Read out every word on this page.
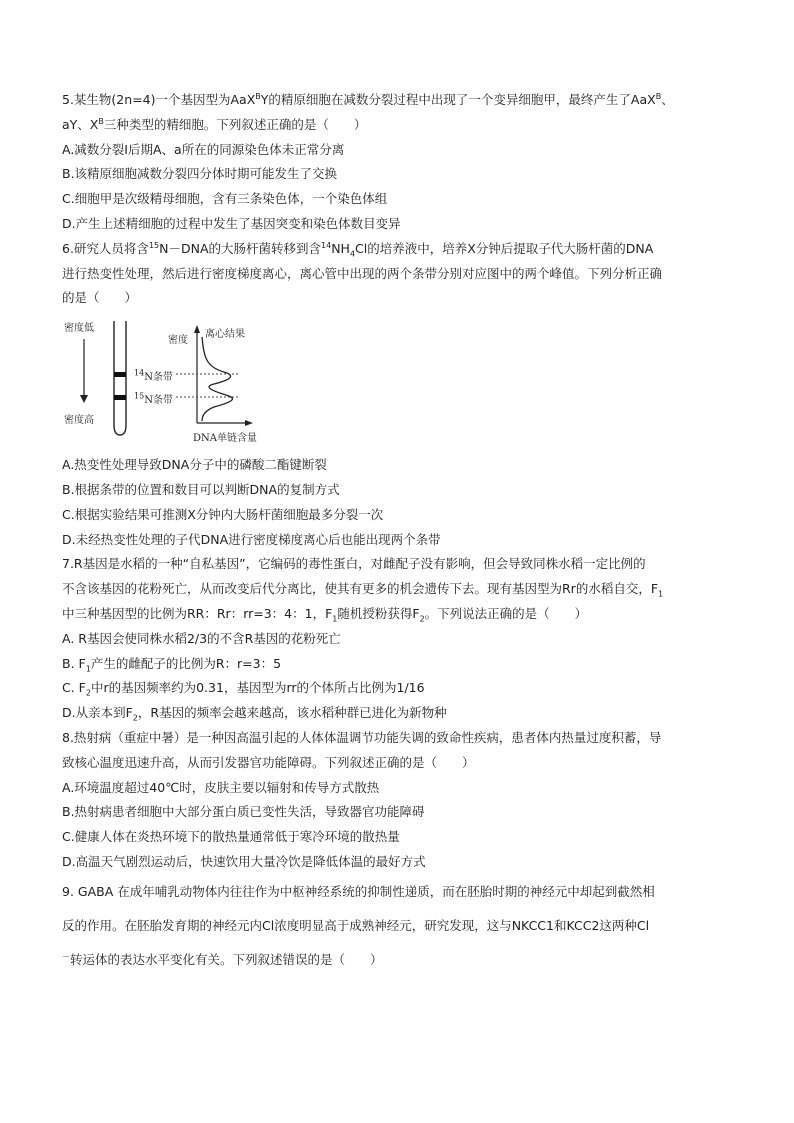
5.某生物(2n=4)一个基因型为AaX$^B$Y的精原细胞在减数分裂过程中出现了一个变异细胞甲，最终产生了AaX$^B$、
aY、$X^B$三种类型的精细胞。下列叙述正确的是（　　）
A.减数分裂Ⅰ后期A、a所在的同源染色体未正常分离
B.该精原细胞减数分裂四分体时期可能发生了交换
C.细胞甲是次级精母细胞，含有三条染色体，一个染色体组
D.产生上述精细胞的过程中发生了基因突变和染色体数目变异
6.研究人员将含$^{15}$N－DNA的大肠杆菌转移到含$^{14}NH_4Cl$的培养液中，培养X分钟后提取子代大肠杆菌的DNA
进行热变性处理，然后进行密度梯度离心，离心管中出现的两个条带分别对应图中的两个峰值。下列分析正确
的是（　　）
密度低
密度高
$^{14}$N条带
$^{15}$N条带
密度
离心结果
DNA单链含量
A.热变性处理导致DNA分子中的磷酸二酯键断裂
B.根据条带的位置和数目可以判断DNA的复制方式
C.根据实验结果可推测X分钟内大肠杆菌细胞最多分裂一次
D.未经热变性处理的子代DNA进行密度梯度离心后也能出现两个条带
7.R基因是水稻的一种“自私基因”，它编码的毒性蛋白，对雌配子没有影响，但会导致同株水稻一定比例的
不含该基因的花粉死亡，从而改变后代分离比，使其有更多的机会遗传下去。现有基因型为Rr的水稻自交，$F_1$
中三种基因型的比例为RR：Rr：rr=3：4：1，$F_1$随机授粉获得$F_2$。下列说法正确的是（　　）
A. R基因会使同株水稻2/3的不含R基因的花粉死亡
B. $F_1$产生的雌配子的比例为R：r=3：5
C. $F_2$中r的基因频率约为0.31，基因型为rr的个体所占比例为1/16
D.从亲本到$F_2$，R基因的频率会越来越高，该水稻种群已进化为新物种
8.热射病（重症中暑）是一种因高温引起的人体体温调节功能失调的致命性疾病，患者体内热量过度积蓄，导
致核心温度迅速升高，从而引发器官功能障碍。下列叙述正确的是（　　）
A.环境温度超过40℃时，皮肤主要以辐射和传导方式散热
B.热射病患者细胞中大部分蛋白质已变性失活，导致器官功能障碍
C.健康人体在炎热环境下的散热量通常低于寒冷环境的散热量
D.高温天气剧烈运动后，快速饮用大量冷饮是降低体温的最好方式
9. GABA 在成年哺乳动物体内往往作为中枢神经系统的抑制性递质，而在胚胎时期的神经元中却起到截然相
反的作用。在胚胎发育期的神经元内Cl浓度明显高于成熟神经元，研究发现，这与NKCC1和KCC2这两种Cl
－转运体的表达水平变化有关。下列叙述错误的是（　　）
